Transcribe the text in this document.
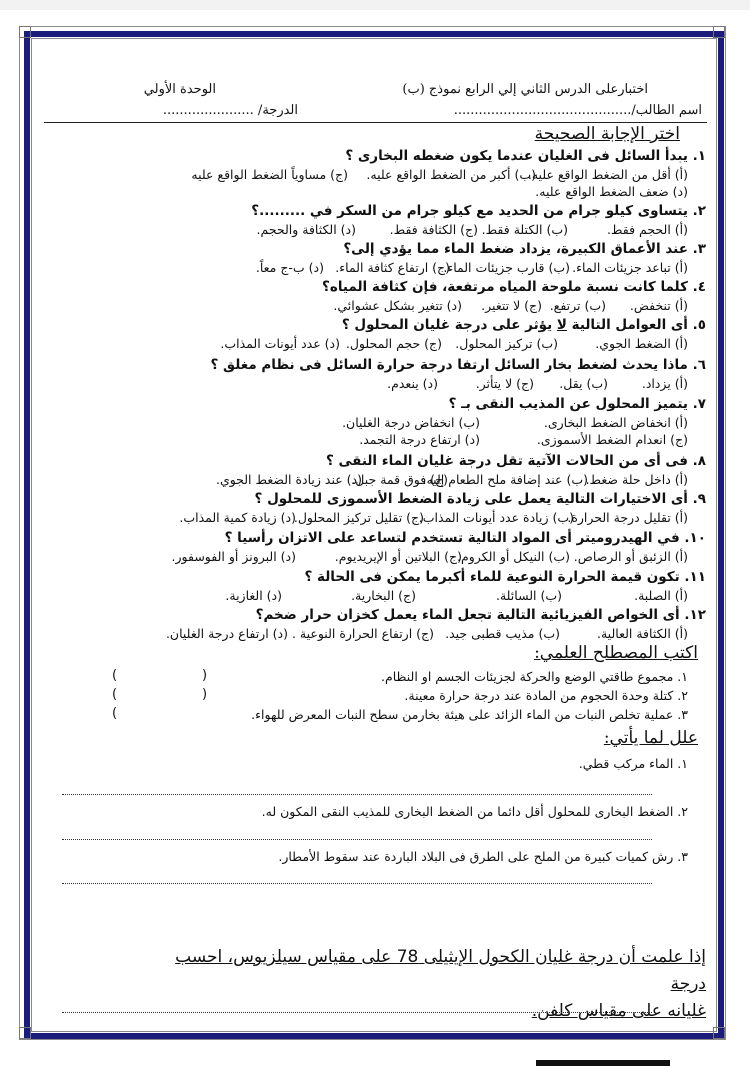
اختبارعلى الدرس الثاني إلي الرابع نموذج (ب)
الوحدة الأولي
اسم الطالب/...........................................
الدرجة/ ......................
اختر الإجابة الصحيحة
١. يبدأ السائل فى الغليان عندما يكون ضغطه البخارى ؟
(أ) أقل من الضغط الواقع عليه.(ب) أكبر من الضغط الواقع عليه.(ج) مساوياً الضغط الواقع عليه
(د) ضعف الضغط الواقع عليه.
٢. يتساوى كيلو جرام من الحديد مع كيلو جرام من السكر في .........؟
(أ) الحجم فقط.(ب) الكتلة فقط.(ج) الكثافة فقط.(د) الكثافة والحجم.
٣. عند الأعماق الكبيرة، يزداد ضغط الماء مما يؤدي إلى؟
(أ) تباعد جزيئات الماء.(ب) قارب جزيئات الماء.(ج) ارتفاع كثافة الماء.(د) ب-ج معاً.
٤. كلما كانت نسبة ملوحة المياه مرتفعة، فإن كثافة المياه؟
(أ) تنخفض.(ب) ترتفع.(ج) لا تتغير.(د) تتغير بشكل عشوائي.
٥. أى العوامل التالية لا يؤثر على درجة غليان المحلول ؟
(أ) الضغط الجوي.(ب) تركيز المحلول.(ج) حجم المحلول.(د) عدد أيونات المذاب.
٦. ماذا يحدث لضغط بخار السائل ارتفا درجة حرارة السائل فى نظام مغلق ؟
(أ) يزداد.(ب) يقل.(ج) لا يتأثر.(د) ينعدم.
٧. يتميز المحلول عن المذيب النقى بـ ؟
(أ) انخفاض الضغط البخارى.(ب) انخفاض درجة الغليان.
(ج) انعدام الضغط الأسموزى.(د) ارتفاع درجة التجمد.
٨. فى أى من الحالات الآتية تقل درجة غليان الماء النقى ؟
(أ) داخل حلة ضغط.(ب) عند إضافة ملح الطعام إليه.(ج) فوق قمة جبل.(د) عند زيادة الضغط الجوي.
٩. أى الاختيارات التالية يعمل على زيادة الضغط الأسموزى للمحلول ؟
(أ) تقليل درجة الحرارة.(ب) زيادة عدد أيونات المذاب.(ج) تقليل تركيز المحلول.(د) زيادة كمية المذاب.
١٠. في الهيدروميتر أى المواد التالية تستخدم لتساعد على الاتزان رأسيا ؟
(أ) الزئبق أو الرصاص.(ب) النيكل أو الكروم.(ج) البلاتين أو الإيريديوم.(د) البرونز أو الفوسفور.
١١. تكون قيمة الحرارة النوعية للماء أكبرما يمكن فى الحالة ؟
(أ) الصلبة.(ب) السائلة.(ج) البخارية.(د) الغازية.
١٢. أى الخواص الفيزيائية التالية تجعل الماء يعمل كخزان حرار ضخم؟
(أ) الكثافة العالية.(ب) مذيب قطبى جيد.(ج) ارتفاع الحرارة النوعية .(د) ارتفاع درجة الغليان.
اكتب المصطلح العلمي:
١. مجموع طاقتي الوضع والحركة لجزيئات الجسم او النظام.
٢. كتلة وحدة الحجوم من المادة عند درجة حرارة معينة.
٣. عملية تخلص النبات من الماء الزائد على هيئة بخارمن سطح النبات المعرض للهواء.
(
)
(
)
)
علل لما يأتي:
١. الماء مركب قطي.
٢. الضغط البخارى للمحلول أقل دائما من الضغط البخارى للمذيب النقى المكون له.
٣. رش كميات كبيرة من الملح على الطرق فى البلاد الباردة عند سقوط الأمطار.
إذا علمت أن درجة غليان الكحول الإيثيلى 78 على مقياس سيلزيوس، احسب درجة
غليانه على مقياس كلفن.
